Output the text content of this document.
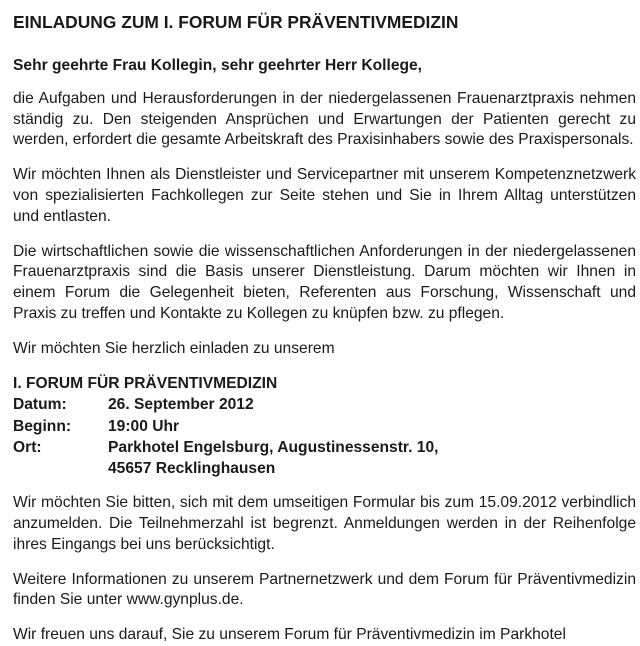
EINLADUNG ZUM I. FORUM FÜR PRÄVENTIVMEDIZIN
Sehr geehrte Frau Kollegin, sehr geehrter Herr Kollege,

die Aufgaben und Herausforderungen in der niedergelassenen Frauenarztpraxis nehmen ständig zu. Den steigenden Ansprüchen und Erwartungen der Patienten gerecht zu werden, erfordert die gesamte Arbeitskraft des Praxisinhabers sowie des Praxispersonals.

Wir möchten Ihnen als Dienstleister und Servicepartner mit unserem Kompetenznetzwerk von spezialisierten Fachkollegen zur Seite stehen und Sie in Ihrem Alltag unterstützen und entlasten.

Die wirtschaftlichen sowie die wissenschaftlichen Anforderungen in der niedergelassenen Frauenarztpraxis sind die Basis unserer Dienstleistung. Darum möchten wir Ihnen in einem Forum die Gelegenheit bieten, Referenten aus Forschung, Wissenschaft und Praxis zu treffen und Kontakte zu Kollegen zu knüpfen bzw. zu pflegen.

Wir möchten Sie herzlich einladen zu unserem

I. FORUM FÜR PRÄVENTIVMEDIZIN
Datum:	26. September 2012
Beginn:	19:00 Uhr
Ort:	Parkhotel Engelsburg, Augustinessenstr. 10,
45657 Recklinghausen

Wir möchten Sie bitten, sich mit dem umseitigen Formular bis zum 15.09.2012 verbindlich anzumelden. Die Teilnehmerzahl ist begrenzt. Anmeldungen werden in der Reihenfolge ihres Eingangs bei uns berücksichtigt.

Weitere Informationen zu unserem Partnernetzwerk und dem Forum für Präventivmedizin finden Sie unter www.gynplus.de.

Wir freuen uns darauf, Sie zu unserem Forum für Präventivmedizin im Parkhotel
